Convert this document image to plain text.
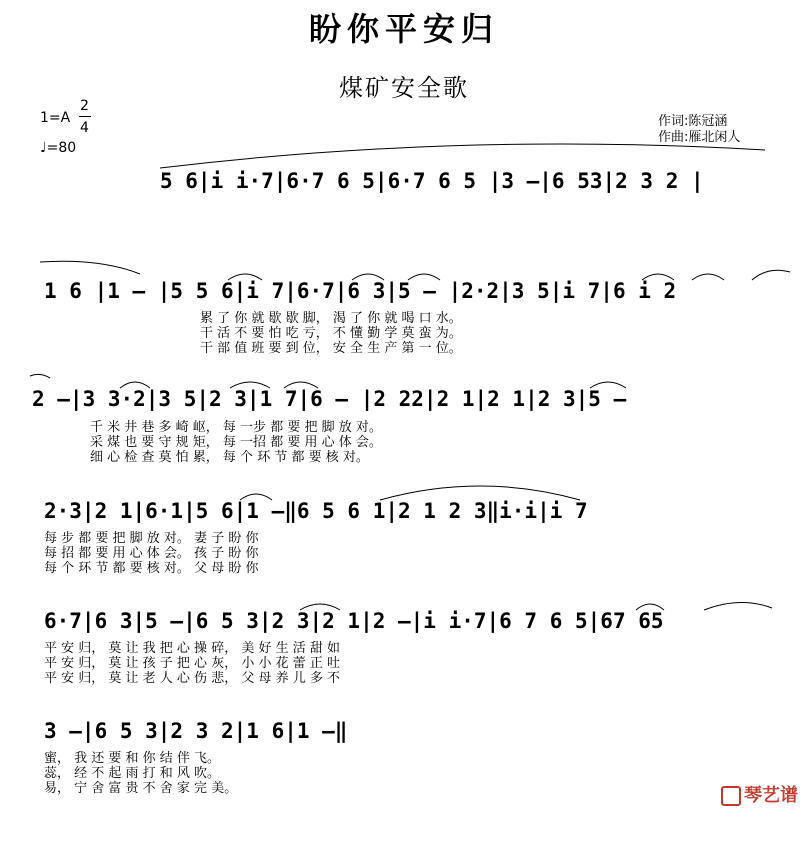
盼你平安归
煤矿安全歌
1=A
2
4
♩=80
作词:陈冠涵
作曲:雁北闲人
5 6|i i·7|6·7 6 5|6·7 6 5 |3 –|6 53|2 3 2 |
1 6 |1 – |5 5 6|i 7|6·7|6 3|5 – |2·2|3 5|i 7|6 i 2
累 了 你 就 歇 歇 脚， 渴 了 你 就 喝 口 水。
干 活 不 要 怕 吃 亏， 不 懂 勤 学 莫 蛮 为。
干 部 值 班 要 到 位， 安 全 生 产 第 一 位。
2 –|3 3·2|3 5|2 3|1 7|6 – |2 22|2 1|2 1|2 3|5 –
千 米 井 巷 多 崎 岖， 每 一步 都 要 把 脚 放 对。
采 煤 也 要 守 规 矩， 每 一招 都 要 用 心 体 会。
细 心 检 查 莫 怕 累， 每 个 环 节 都 要 核 对。
2·3|2 1|6·1|5 6|1 –‖6 5 6 1|2 1 2 3‖i·i|i 7
每 步 都 要 把 脚 放 对。 妻 子 盼 你
每 招 都 要 用 心 体 会。 孩 子 盼 你
每 个 环 节 都 要 核 对。 父 母 盼 你
6·7|6 3|5 –|6 5 3|2 3|2 1|2 –|i i·7|6 7 6 5|67 65
平 安 归， 莫 让 我 把 心 操 碎， 美 好 生 活 甜 如
平 安 归， 莫 让 孩 子 把 心 灰， 小 小 花 蕾 正 吐
平 安 归， 莫 让 老 人 心 伤 悲， 父 母 养 儿 多 不
3 –|6 5 3|2 3 2|1 6|1 –‖
蜜， 我 还 要 和 你 结 伴 飞。
蕊， 经 不 起 雨 打 和 风 吹。
易， 宁 舍 富 贵 不 舍 家 完 美。	琴艺谱
